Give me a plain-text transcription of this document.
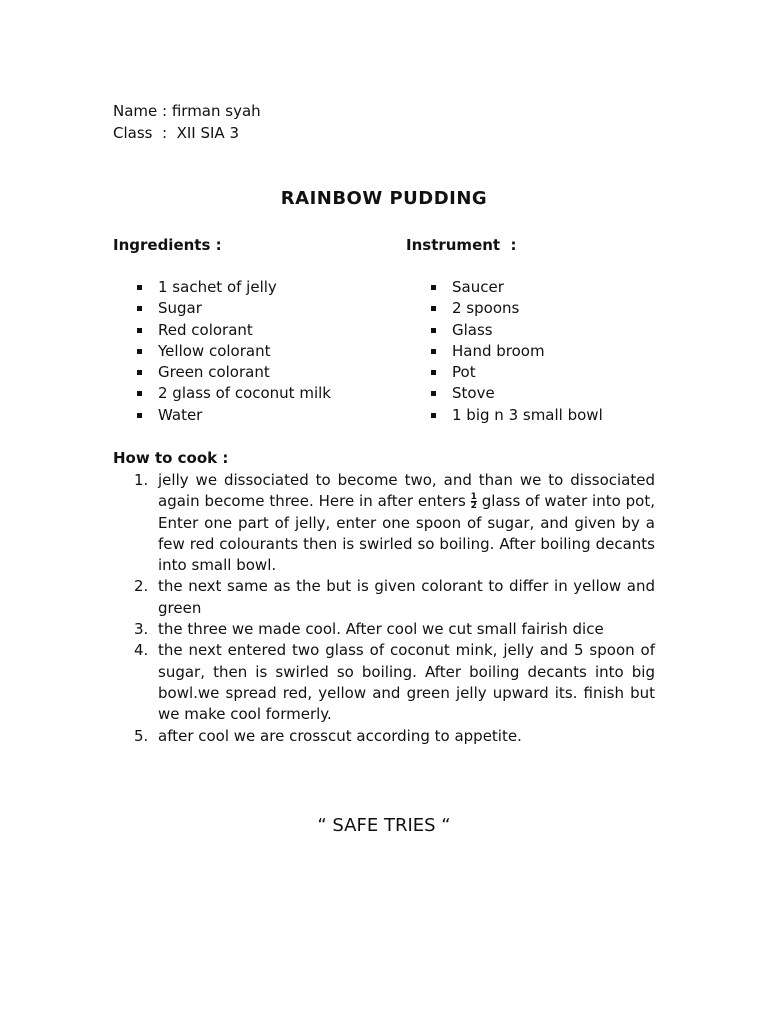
Name : firman syah
Class  :  XII SIA 3
RAINBOW PUDDING
Ingredients :	Instrument  :
1 sachet of jelly
Sugar
Red colorant
Yellow colorant
Green colorant
2 glass of coconut milk
Water
Saucer
2 spoons
Glass
Hand broom
Pot
Stove
1 big n 3 small bowl
How to cook :
1. jelly we dissociated to become two, and than we to dissociated again become three. Here in after enters $\frac{1}{2}$ glass of water into pot, Enter one part of jelly, enter one spoon of sugar, and given by a few red colourants then is swirled so boiling. After boiling decants into small bowl.
2. the next same as the but is given colorant to differ in yellow and green
3. the three we made cool. After cool we cut small fairish dice
4. the next entered two glass of coconut mink, jelly and 5 spoon of sugar, then is swirled so boiling. After boiling decants into big bowl.we spread red, yellow and green jelly upward its. finish but we make cool formerly.
5. after cool we are crosscut according to appetite.
“ SAFE TRIES “
